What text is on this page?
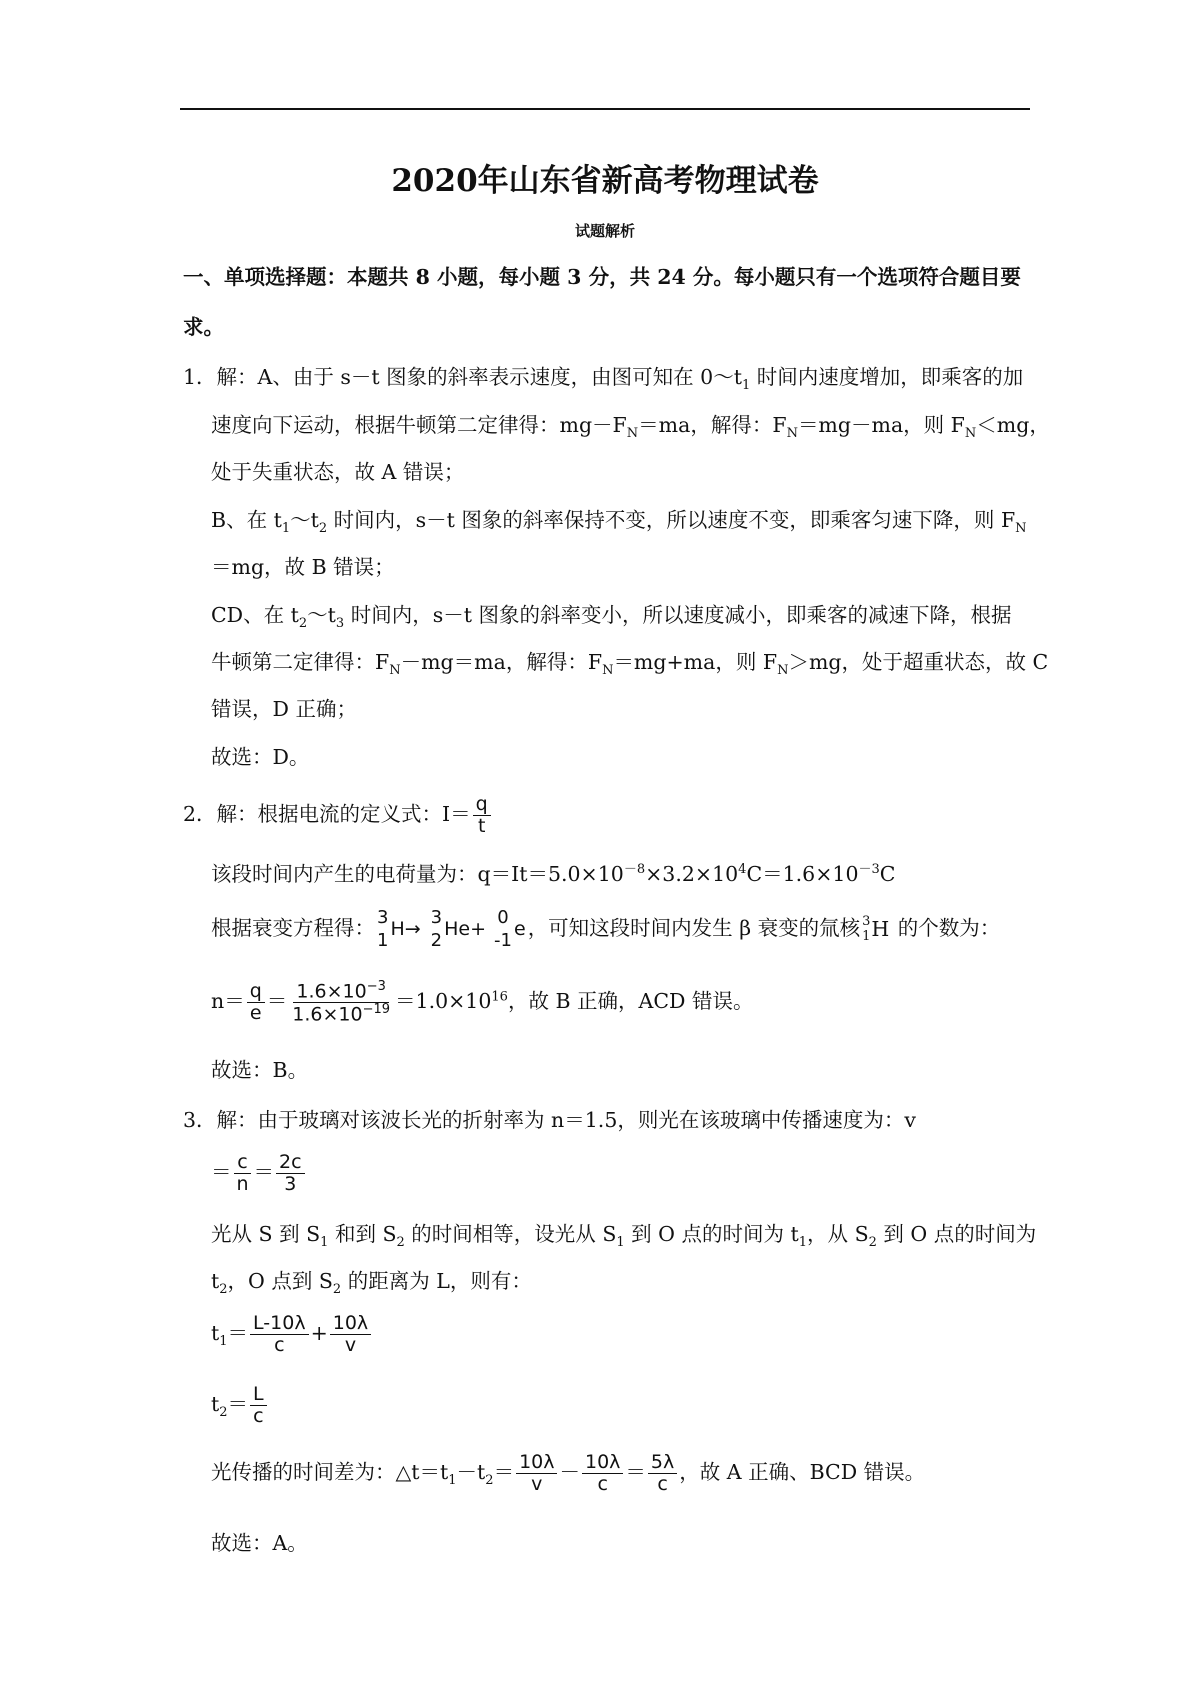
2020年山东省新高考物理试卷
试题解析
一、单项选择题：本题共 8 小题，每小题 3 分，共 24 分。每小题只有一个选项符合题目要
求。
1．解：A、由于 s－t 图象的斜率表示速度，由图可知在 $0\sim t_1$ 时间内速度增加，即乘客的加
速度向下运动，根据牛顿第二定律得：$mg-F_N=ma$，解得：$F_N=mg-ma$，则 $F_N<mg$，
处于失重状态，故 A 错误；
B、在 $t_1\sim t_2$ 时间内，s－t 图象的斜率保持不变，所以速度不变，即乘客匀速下降，则 $F_N$
＝mg，故 B 错误；
CD、在 $t_2\sim t_3$ 时间内，s－t 图象的斜率变小，所以速度减小，即乘客的减速下降，根据
牛顿第二定律得：$F_N-mg=ma$，解得：$F_N=mg+ma$，则 $F_N>mg$，处于超重状态，故 C
错误，D 正确；
故选：D。
2．解：根据电流的定义式：$I= \frac{q}{t}$
该段时间内产生的电荷量为：$q=It=5.0\times 10^{-8}\times 3.2\times 10^4C=1.6\times 10^{-3}C$
根据衰变方程得： 3
1
H→
3
2
He+
0
-1
e ，可知这段时间内发生 β 衰变的氚核 3
1 H 的个数为：
$n= \frac{q}{e} = \frac{1.6\times 10^{-3}}{1.6\times 10^{-19}} =1.0\times 10^{16}$，故 B 正确，ACD 错误。
故选：B。
3．解：由于玻璃对该波长光的折射率为 n＝1.5，则光在该玻璃中传播速度为：v
＝ $\frac{c}{n} = \frac{2c}{3}$
光从 S 到 $S_1$ 和到 $S_2$ 的时间相等，设光从 $S_1$ 到 O 点的时间为 $t_1$，从 $S_2$ 到 O 点的时间为
$t_2$，O 点到 $S_2$ 的距离为 L，则有：
$t_1= \frac{L-10\lambda}{c} + \frac{10\lambda}{v}$
$t_2= \frac{L}{c}$
光传播的时间差为：$\triangle t=t_1-t_2= \frac{10\lambda}{v} - \frac{10\lambda}{c} = \frac{5\lambda}{c}$ ，故 A 正确、BCD 错误。
故选：A。
